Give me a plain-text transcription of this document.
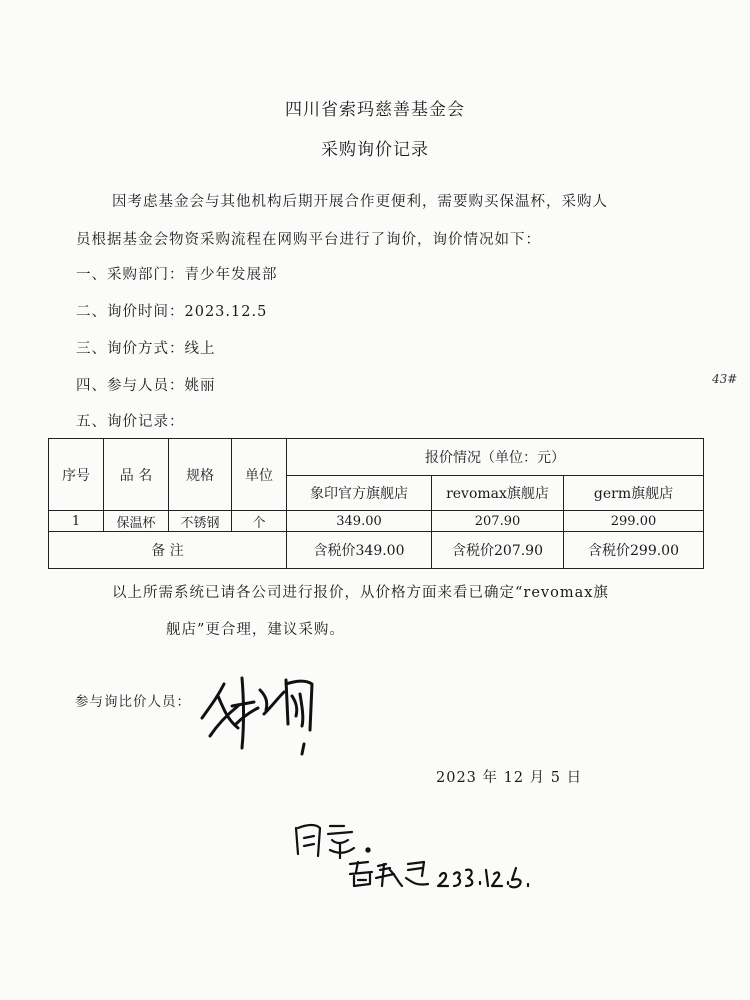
四川省索玛慈善基金会
采购询价记录
因考虑基金会与其他机构后期开展合作更便利，需要购买保温杯，采购人
员根据基金会物资采购流程在网购平台进行了询价，询价情况如下：
一、采购部门：青少年发展部
二、询价时间：2023.12.5
三、询价方式：线上
四、参与人员：姚丽
五、询价记录：
43#
序号	品 名	规格	单位	报价情况（单位：元）		
				象印官方旗舰店	revomax旗舰店	germ旗舰店
1	保温杯	不锈钢	个	349.00	207.90	299.00
备 注				含税价349.00	含税价207.90	含税价299.00
以上所需系统已请各公司进行报价，从价格方面来看已确定“revomax旗
舰店”更合理，建议采购。
参与询比价人员：
2023 年 12 月 5 日
